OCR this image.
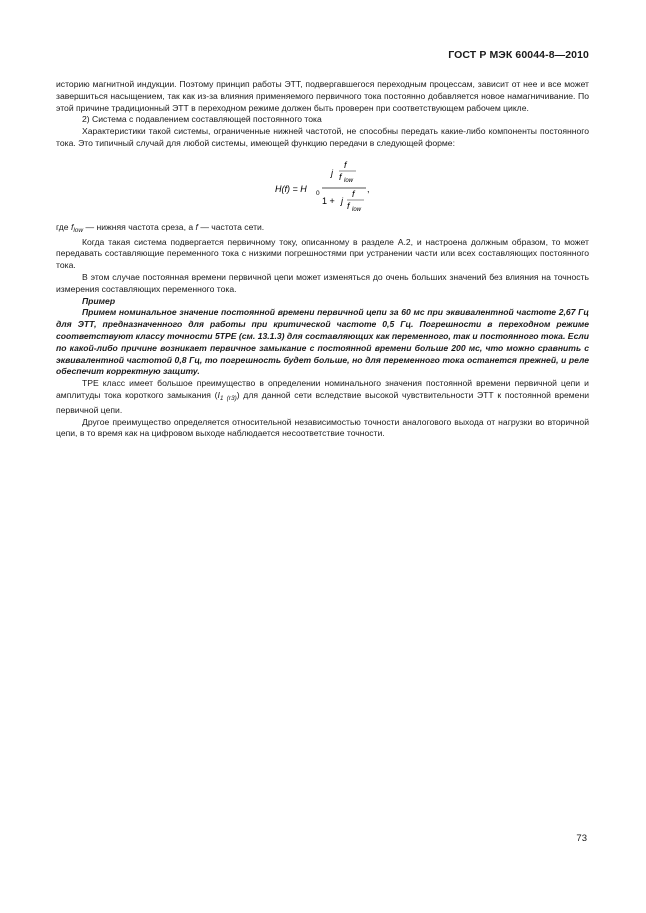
ГОСТ Р МЭК 60044-8—2010

историю магнитной индукции. Поэтому принцип работы ЭТТ, подвергавшегося переходным процессам, зависит от нее и все может завершиться насыщением, так как из-за влияния применяемого первичного тока постоянно добавляется новое намагничивание. По этой причине традиционный ЭТТ в переходном режиме должен быть проверен при соответствующем рабочем цикле.

2) Система с подавлением составляющей постоянного тока

Характеристики такой системы, ограниченные нижней частотой, не способны передать какие-либо компоненты постоянного тока. Это типичный случай для любой системы, имеющей функцию передачи в следующей форме:

H(f) = H 0
j
f
f low
1 + j
f
f low
,

где $f_{low}$ — нижняя частота среза, а f — частота сети.

Когда такая система подвергается первичному току, описанному в разделе А.2, и настроена должным образом, то может передавать составляющие переменного тока с низкими погрешностями при устранении части или всех составляющих постоянного тока.

В этом случае постоянная времени первичной цепи может изменяться до очень больших значений без влияния на точность измерения составляющих переменного тока.

Пример

Примем номинальное значение постоянной времени первичной цепи за 60 мс при эквивалентной частоте 2,67 Гц для ЭТТ, предназначенного для работы при критической частоте 0,5 Гц. Погрешности в переходном режиме соответствуют классу точности 5TPE (см. 13.1.3) для составляющих как переменного, так и постоянного тока. Если по какой-либо причине возникает первичное замыкание с постоянной времени больше 200 мс, что можно сравнить с эквивалентной частотой 0,8 Гц, то погрешность будет больше, но для переменного тока останется прежней, и реле обеспечит корректную защиту.

TPE класс имеет большое преимущество в определении номинального значения постоянной времени первичной цепи и амплитуды тока короткого замыкания $(I_{1 (r3)})$ для данной сети вследствие высокой чувствительности ЭТТ к постоянной времени первичной цепи.

Другое преимущество определяется относительной независимостью точности аналогового выхода от нагрузки во вторичной цепи, в то время как на цифровом выходе наблюдается несоответствие точности.

73
